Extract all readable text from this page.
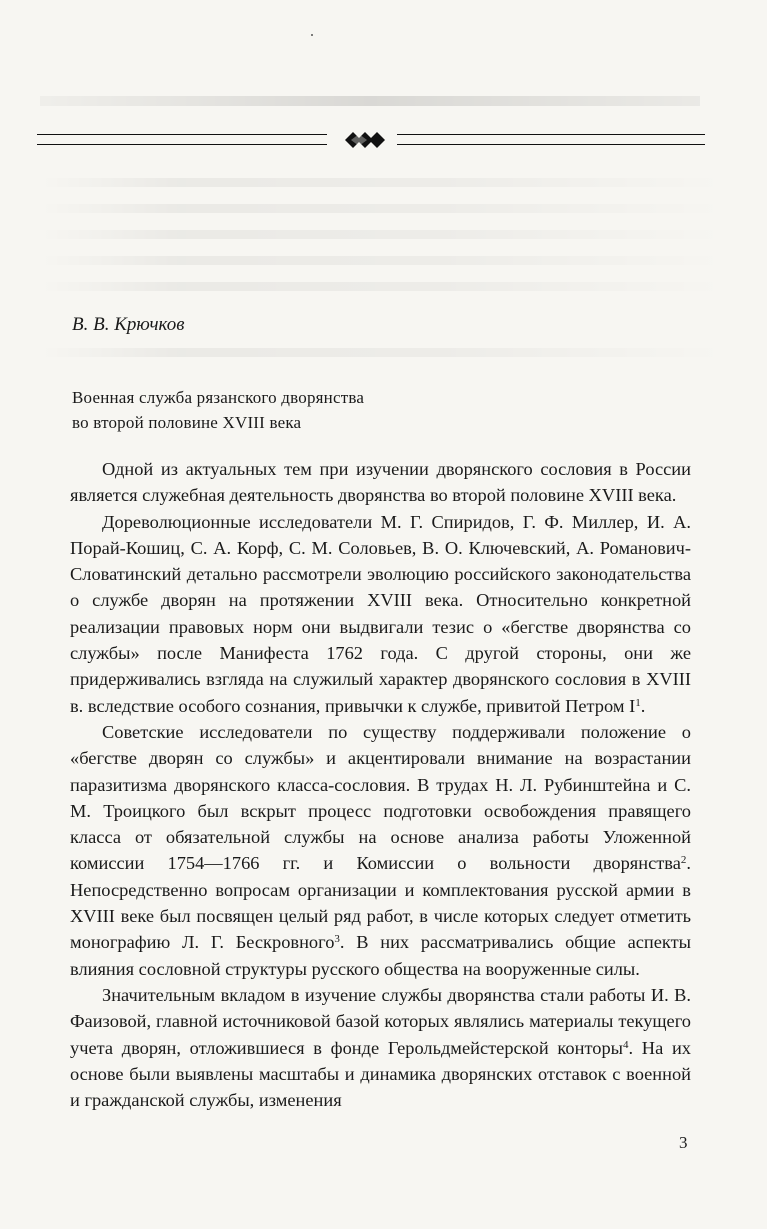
В. В. Крючков
Военная служба рязанского дворянства
во второй половине XVIII века

Одной из актуальных тем при изучении дворянского сословия в России является служебная деятельность дворянства во второй половине XVIII века.

Дореволюционные исследователи М. Г. Спиридов, Г. Ф. Миллер, И. А. Порай-Кошиц, С. А. Корф, С. М. Соловьев, В. О. Ключевский, А. Романович-Словатинский детально рассмотрели эволюцию российского законодательства о службе дворян на протяжении XVIII века. Относительно конкретной реализации правовых норм они выдвигали тезис о «бегстве дворянства со службы» после Манифеста 1762 года. С другой стороны, они же придерживались взгляда на служилый характер дворянского сословия в XVIII в. вследствие особого сознания, привычки к службе, привитой Петром $I^1$.

Советские исследователи по существу поддерживали положение о «бегстве дворян со службы» и акцентировали внимание на возрастании паразитизма дворянского класса-сословия. В трудах Н. Л. Рубинштейна и С. М. Троицкого был вскрыт процесс подготовки освобождения правящего класса от обязательной службы на основе анализа работы Уложенной комиссии 1754—1766 гг. и Комиссии о вольности дворянства$^2$. Непосредственно вопросам организации и комплектования русской армии в XVIII веке был посвящен целый ряд работ, в числе которых следует отметить монографию Л. Г. Бескровного$^3$. В них рассматривались общие аспекты влияния сословной структуры русского общества на вооруженные силы.

Значительным вкладом в изучение службы дворянства стали работы И. В. Фаизовой, главной источниковой базой которых являлись материалы текущего учета дворян, отложившиеся в фонде Герольдмейстерской конторы$^4$. На их основе были выявлены масштабы и динамика дворянских отставок с военной и гражданской службы, изменения

3
